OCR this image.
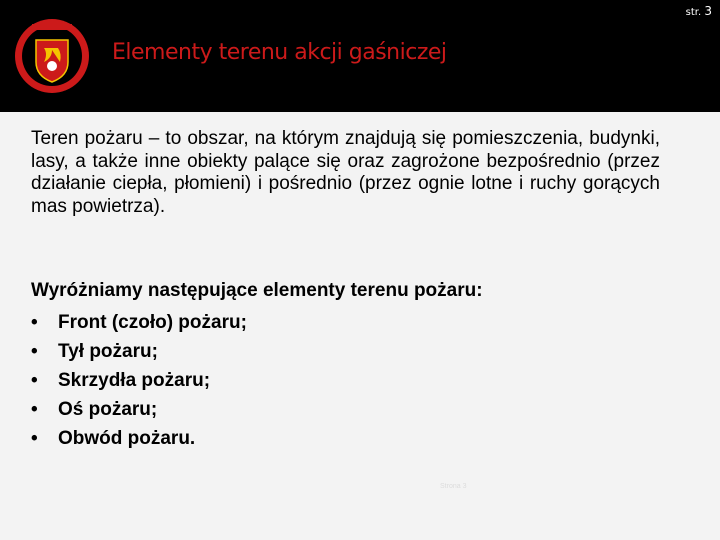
Elementy terenu akcji gaśniczej
str. 3

Teren pożaru – to obszar, na którym znajdują się pomieszczenia, budynki, lasy, a także inne obiekty palące się oraz zagrożone bezpośrednio (przez działanie ciepła, płomieni) i pośrednio (przez ognie lotne i ruchy gorących mas powietrza).

Wyróżniamy następujące elementy terenu pożaru:

•	Front (czoło) pożaru;
•	Tył pożaru;
•	Skrzydła pożaru;
•	Oś pożaru;
•	Obwód pożaru.
Strona 3
